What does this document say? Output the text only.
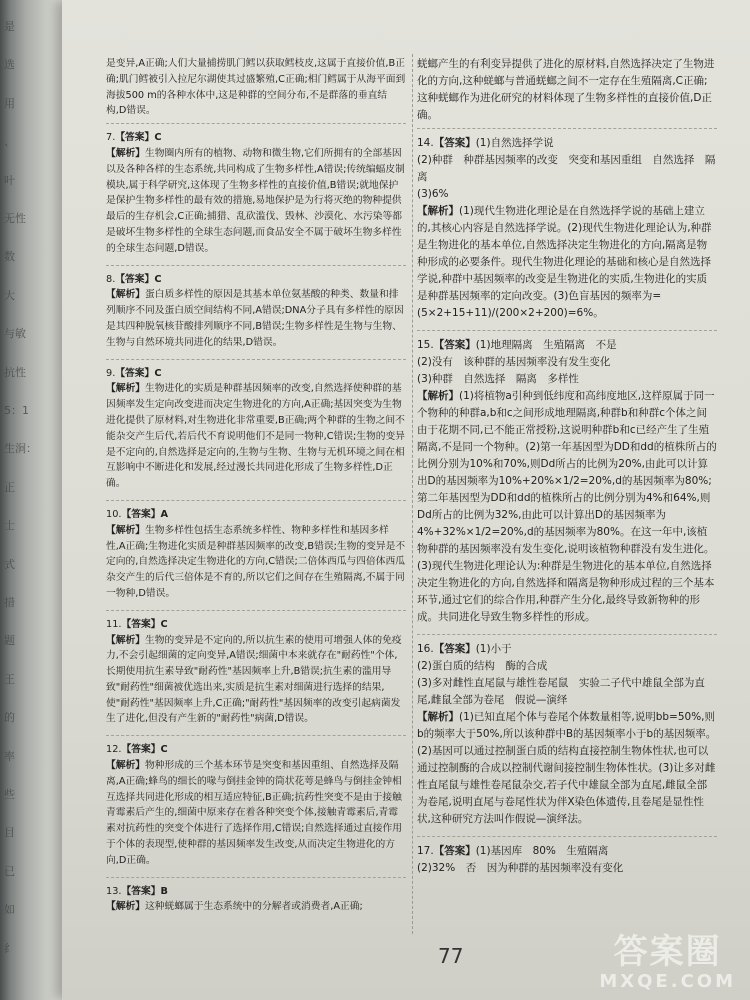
是
选
用
、
叶
无性
数
大
与敏
抗性
5：1
生涧：
正
士
式
措
题
王
的
率
些
目
已
如
纟

是变异,A正确;人们大量捕捞肌门鳕以获取鳕枝皮,这属于直接价值,B正确;肌门鳕被引入拉尼尔湖使其过盛繁殖,C正确;相门鳕属于从海平面到海拔500 m的各种水体中,这是种群的空间分布,不是群落的垂直结构,D错误。

7.【答案】C
【解析】生物圈内所有的植物、动物和微生物,它们所拥有的全部基因以及各种各样的生态系统,共同构成了生物多样性,A错误;传统编蝠皮制模块,属于科学研究,这体现了生物多样性的直接价值,B错误;就地保护是保护生物多样性的最有效的措施,易地保护是为行将灭绝的物种提供最后的生存机会,C正确;捕猎、乱砍滥伐、毁林、沙漠化、水污染等都是破坏生物多样性的全球生态问题,而食品安全不属于破坏生物多样性的全球生态问题,D错误。
8.【答案】C
【解析】蛋白质多样性的原因是其基本单位氨基酸的种类、数量和排列顺序不同及蛋白质空间结构不同,A错误;DNA分子具有多样性的原因是其四种脱氧核苷酸排列顺序不同,B错误;生物多样性是生物与生物、生物与自然环境共同进化的结果,D错误。
9.【答案】C
【解析】生物进化的实质是种群基因频率的改变,自然选择使种群的基因频率发生定向改变进而决定生物进化的方向,A正确;基因突变为生物进化提供了原材料,对生物进化非常重要,B正确;两个种群的生物之间不能杂交产生后代,若后代不育说明他们不是同一物种,C错误;生物的变异是不定向的,自然选择是定向的,生物与生物、生物与无机环境之间在相互影响中不断进化和发展,经过漫长共同进化形成了生物多样性,D正确。
10.【答案】A
【解析】生物多样性包括生态系统多样性、物种多样性和基因多样性,A正确;生物进化实质是种群基因频率的改变,B错误;生物的变异是不定向的,自然选择决定生物进化的方向,C错误;二倍体西瓜与四倍体西瓜杂交产生的后代三倍体是不育的,所以它们之间存在生殖隔离,不属于同一物种,D错误。
11.【答案】C
【解析】生物的变异是不定向的,所以抗生素的使用可增强人体的免疫力,不会引起细菌的定向变异,A错误;细菌中本来就存在"耐药性"个体,长期使用抗生素导致"耐药性"基因频率上升,B错误;抗生素的滥用导致"耐药性"细菌被优选出来,实质是抗生素对细菌进行选择的结果,使"耐药性"基因频率上升,C正确;"耐药性"基因频率的改变引起病菌发生了进化,但没有产生新的"耐药性"病菌,D错误。
12.【答案】C
【解析】物种形成的三个基本环节是突变和基因重组、自然选择及隔离,A正确;蜂鸟的细长的喙与倒挂金钟的筒状花萼是蜂鸟与倒挂金钟相互选择共同进化形成的相互适应特征,B正确;抗药性突变不是由于接触青霉素后产生的,细菌中原来存在着各种突变个体,接触青霉素后,青霉素对抗药性的突变个体进行了选择作用,C错误;自然选择通过直接作用于个体的表现型,使种群的基因频率发生改变,从而决定生物进化的方向,D正确。
13.【答案】B
【解析】这种蜣螂属于生态系统中的分解者或消费者,A正确;

蜣螂产生的有利变异提供了进化的原材料,自然选择决定了生物进化的方向,这种蜣螂与普通蜣螂之间不一定存在生殖隔离,C正确;这种蜣螂作为进化研究的材料体现了生物多样性的直接价值,D正确。

14.【答案】(1)自然选择学说
(2)种群　种群基因频率的改变　突变和基因重组　自然选择　隔离
(3)6%
【解析】(1)现代生物进化理论是在自然选择学说的基础上建立的,其核心内容是自然选择学说。(2)现代生物进化理论认为,种群是生物进化的基本单位,自然选择决定生物进化的方向,隔离是物种形成的必要条件。现代生物进化理论的基础和核心是自然选择学说,种群中基因频率的改变是生物进化的实质,生物进化的实质是种群基因频率的定向改变。(3)色盲基因的频率为=(5×2+15+11)/(200×2+200)=6%。
15.【答案】(1)地理隔离　生殖隔离　不是
(2)没有　该种群的基因频率没有发生变化
(3)种群　自然选择　隔离　多样性
【解析】(1)将植物a引种到低纬度和高纬度地区,这样原属于同一个物种的种群a,b和c之间形成地理隔离,种群b和种群c个体之间由于花期不同,已不能正常授粉,这说明种群b和c已经产生了生殖隔离,不是同一个物种。(2)第一年基因型为DD和dd的植株所占的比例分别为10%和70%,则Dd所占的比例为20%,由此可以计算出D的基因频率为10%+20%×1/2=20%,d的基因频率为80%;第二年基因型为DD和dd的植株所占的比例分别为4%和64%,则Dd所占的比例为32%,由此可以计算出D的基因频率为4%+32%×1/2=20%,d的基因频率为80%。在这一年中,该植物种群的基因频率没有发生变化,说明该植物种群没有发生进化。(3)现代生物进化理论认为:种群是生物进化的基本单位,自然选择决定生物进化的方向,自然选择和隔离是物种形成过程的三个基本环节,通过它们的综合作用,种群产生分化,最终导致新物种的形成。共同进化导致生物多样性的形成。
16.【答案】(1)小于
(2)蛋白质的结构　酶的合成
(3)多对雌性直尾鼠与雄性卷尾鼠　实验二子代中雄鼠全部为直尾,雌鼠全部为卷尾　假说—演绎
【解析】(1)已知直尾个体与卷尾个体数量相等,说明bb=50%,则b的频率大于50%,所以该种群中B的基因频率小于b的基因频率。(2)基因可以通过控制蛋白质的结构直接控制生物体性状,也可以通过控制酶的合成以控制代谢间接控制生物体性状。(3)让多对雌性直尾鼠与雄性卷尾鼠杂交,若子代中雄鼠全部为直尾,雌鼠全部为卷尾,说明直尾与卷尾性状为伴X染色体遗传,且卷尾是显性性状,这种研究方法叫作假说—演绎法。
17.【答案】(1)基因库　80%　生殖隔离
(2)32%　否　因为种群的基因频率没有变化
77	答案圈
MXQE.COM
